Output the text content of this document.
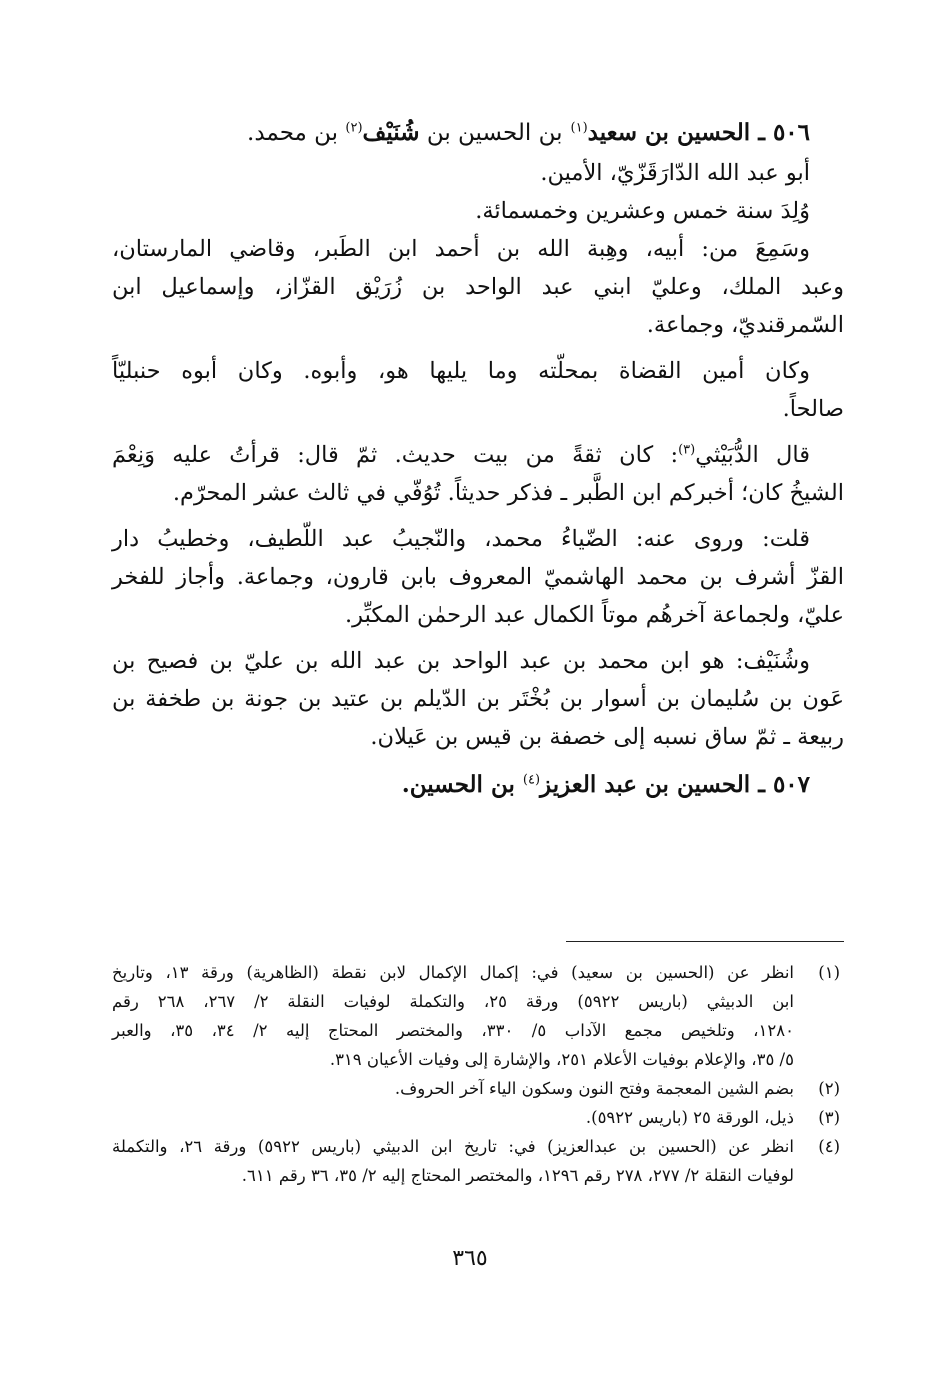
٥٠٦ ـ الحسين بن سعيد$^{(١)}$ بن الحسين بن شُنَيْف$^{(٢)}$ بن محمد.
أبو عبد الله الدّارَقَزّيّ، الأمين.
وُلِدَ سنة خمس وعشرين وخمسمائة.
وسَمِعَ من: أبيه، وهِبة الله بن أحمد ابن الطَبر، وقاضي المارستان،
وعبد الملك، وعليّ ابني عبد الواحد بن زُرَيْق القزّاز، وإسماعيل ابن
السّمرقنديّ، وجماعة.
وكان أمين القضاة بمحلّته وما يليها هو، وأبوه. وكان أبوه حنبليّاً
صالحاً.
قال الدُّبَيْثي$^{(٣)}$: كان ثقةً من بيت حديث. ثمّ قال: قرأتُ عليه وَنِعْمَ
الشيخُ كان؛ أخبركم ابن الطَّبر ـ فذكر حديثاً. تُوُفّي في ثالث عشر المحرّم.
قلت: وروى عنه: الضّياءُ محمد، والنّجيبُ عبد اللّطيف، وخطيبُ دار
القزّ أشرف بن محمد الهاشميّ المعروف بابن قارون، وجماعة. وأجاز للفخر
عليّ، ولجماعة آخرهُم موتاً الكمال عبد الرحمٰن المكبِّر.
وشُنَيْف: هو ابن محمد بن عبد الواحد بن عبد الله بن عليّ بن فصيح بن
عَون بن سُليمان بن أسوار بن بُخْتَر بن الدّيلم بن عتيد بن جونة بن طخفة بن
ربيعة ـ ثمّ ساق نسبه إلى خصفة بن قيس بن عَيلان.
٥٠٧ ـ الحسين بن عبد العزيز$^{(٤)}$ بن الحسين.
(١)
انظر عن (الحسين بن سعيد) في: إكمال الإكمال لابن نقطة (الظاهرية) ورقة ١٣، وتاريخ
ابن الدبيثي (باريس ٥٩٢٢) ورقة ٢٥، والتكملة لوفيات النقلة ٢/ ٢٦٧، ٢٦٨ رقم
١٢٨٠، وتلخيص مجمع الآداب ٥/ ٣٣٠، والمختصر المحتاج إليه ٢/ ٣٤، ٣٥، والعبر
٥/ ٣٥، والإعلام بوفيات الأعلام ٢٥١، والإشارة إلى وفيات الأعيان ٣١٩.
(٢)
بضم الشين المعجمة وفتح النون وسكون الياء آخر الحروف.
(٣)
ذيل، الورقة ٢٥ (باريس ٥٩٢٢).
(٤)
انظر عن (الحسين بن عبدالعزيز) في: تاريخ ابن الدبيثي (باريس ٥٩٢٢) ورقة ٢٦، والتكملة
لوفيات النقلة ٢/ ٢٧٧، ٢٧٨ رقم ١٢٩٦، والمختصر المحتاج إليه ٢/ ٣٥، ٣٦ رقم ٦١١.
٣٦٥
